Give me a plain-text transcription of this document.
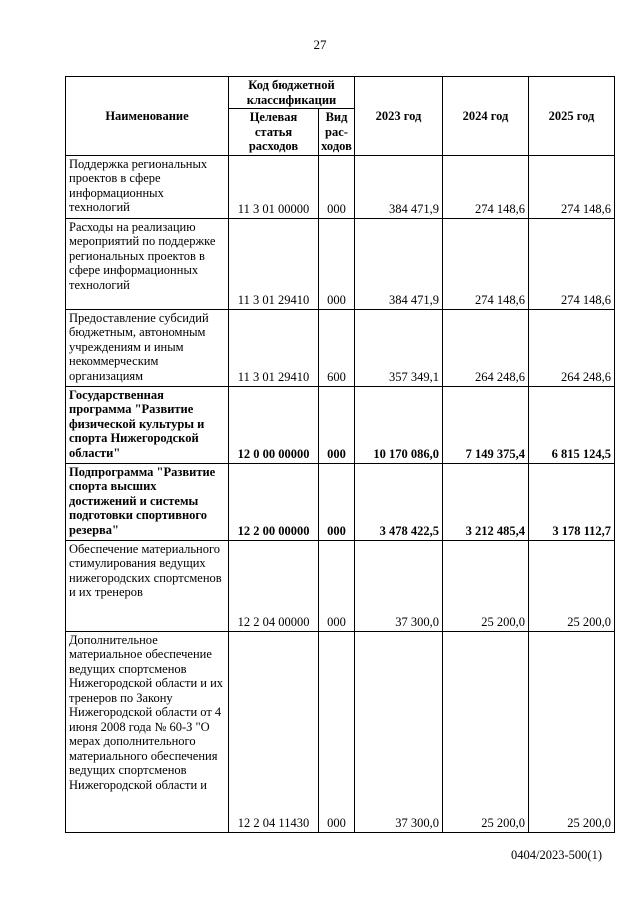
27
Наименование	Код бюджетной классификации		2023 год	2024 год	2025 год
	Целевая статья расходов	Вид рас-ходов			
Поддержка региональных проектов в сфере информационных технологий	11 3 01 00000	000	384 471,9	274 148,6	274 148,6
Расходы на реализацию мероприятий по поддержке региональных проектов в сфере информационных технологий	11 3 01 29410	000	384 471,9	274 148,6	274 148,6
Предоставление субсидий бюджетным, автономным учреждениям и иным некоммерческим организациям	11 3 01 29410	600	357 349,1	264 248,6	264 248,6
Государственная программа "Развитие физической культуры и спорта Нижегородской области"	12 0 00 00000	000	10 170 086,0	7 149 375,4	6 815 124,5
Подпрограмма "Развитие спорта высших достижений и системы подготовки спортивного резерва"	12 2 00 00000	000	3 478 422,5	3 212 485,4	3 178 112,7
Обеспечение материального стимулирования ведущих нижегородских спортсменов и их тренеров	12 2 04 00000	000	37 300,0	25 200,0	25 200,0
Дополнительное материальное обеспечение ведущих спортсменов Нижегородской области и их тренеров по Закону Нижегородской области от 4 июня 2008 года № 60-З "О мерах дополнительного материального обеспечения ведущих спортсменов Нижегородской области и	12 2 04 11430	000	37 300,0	25 200,0	25 200,0
0404/2023-500(1)
